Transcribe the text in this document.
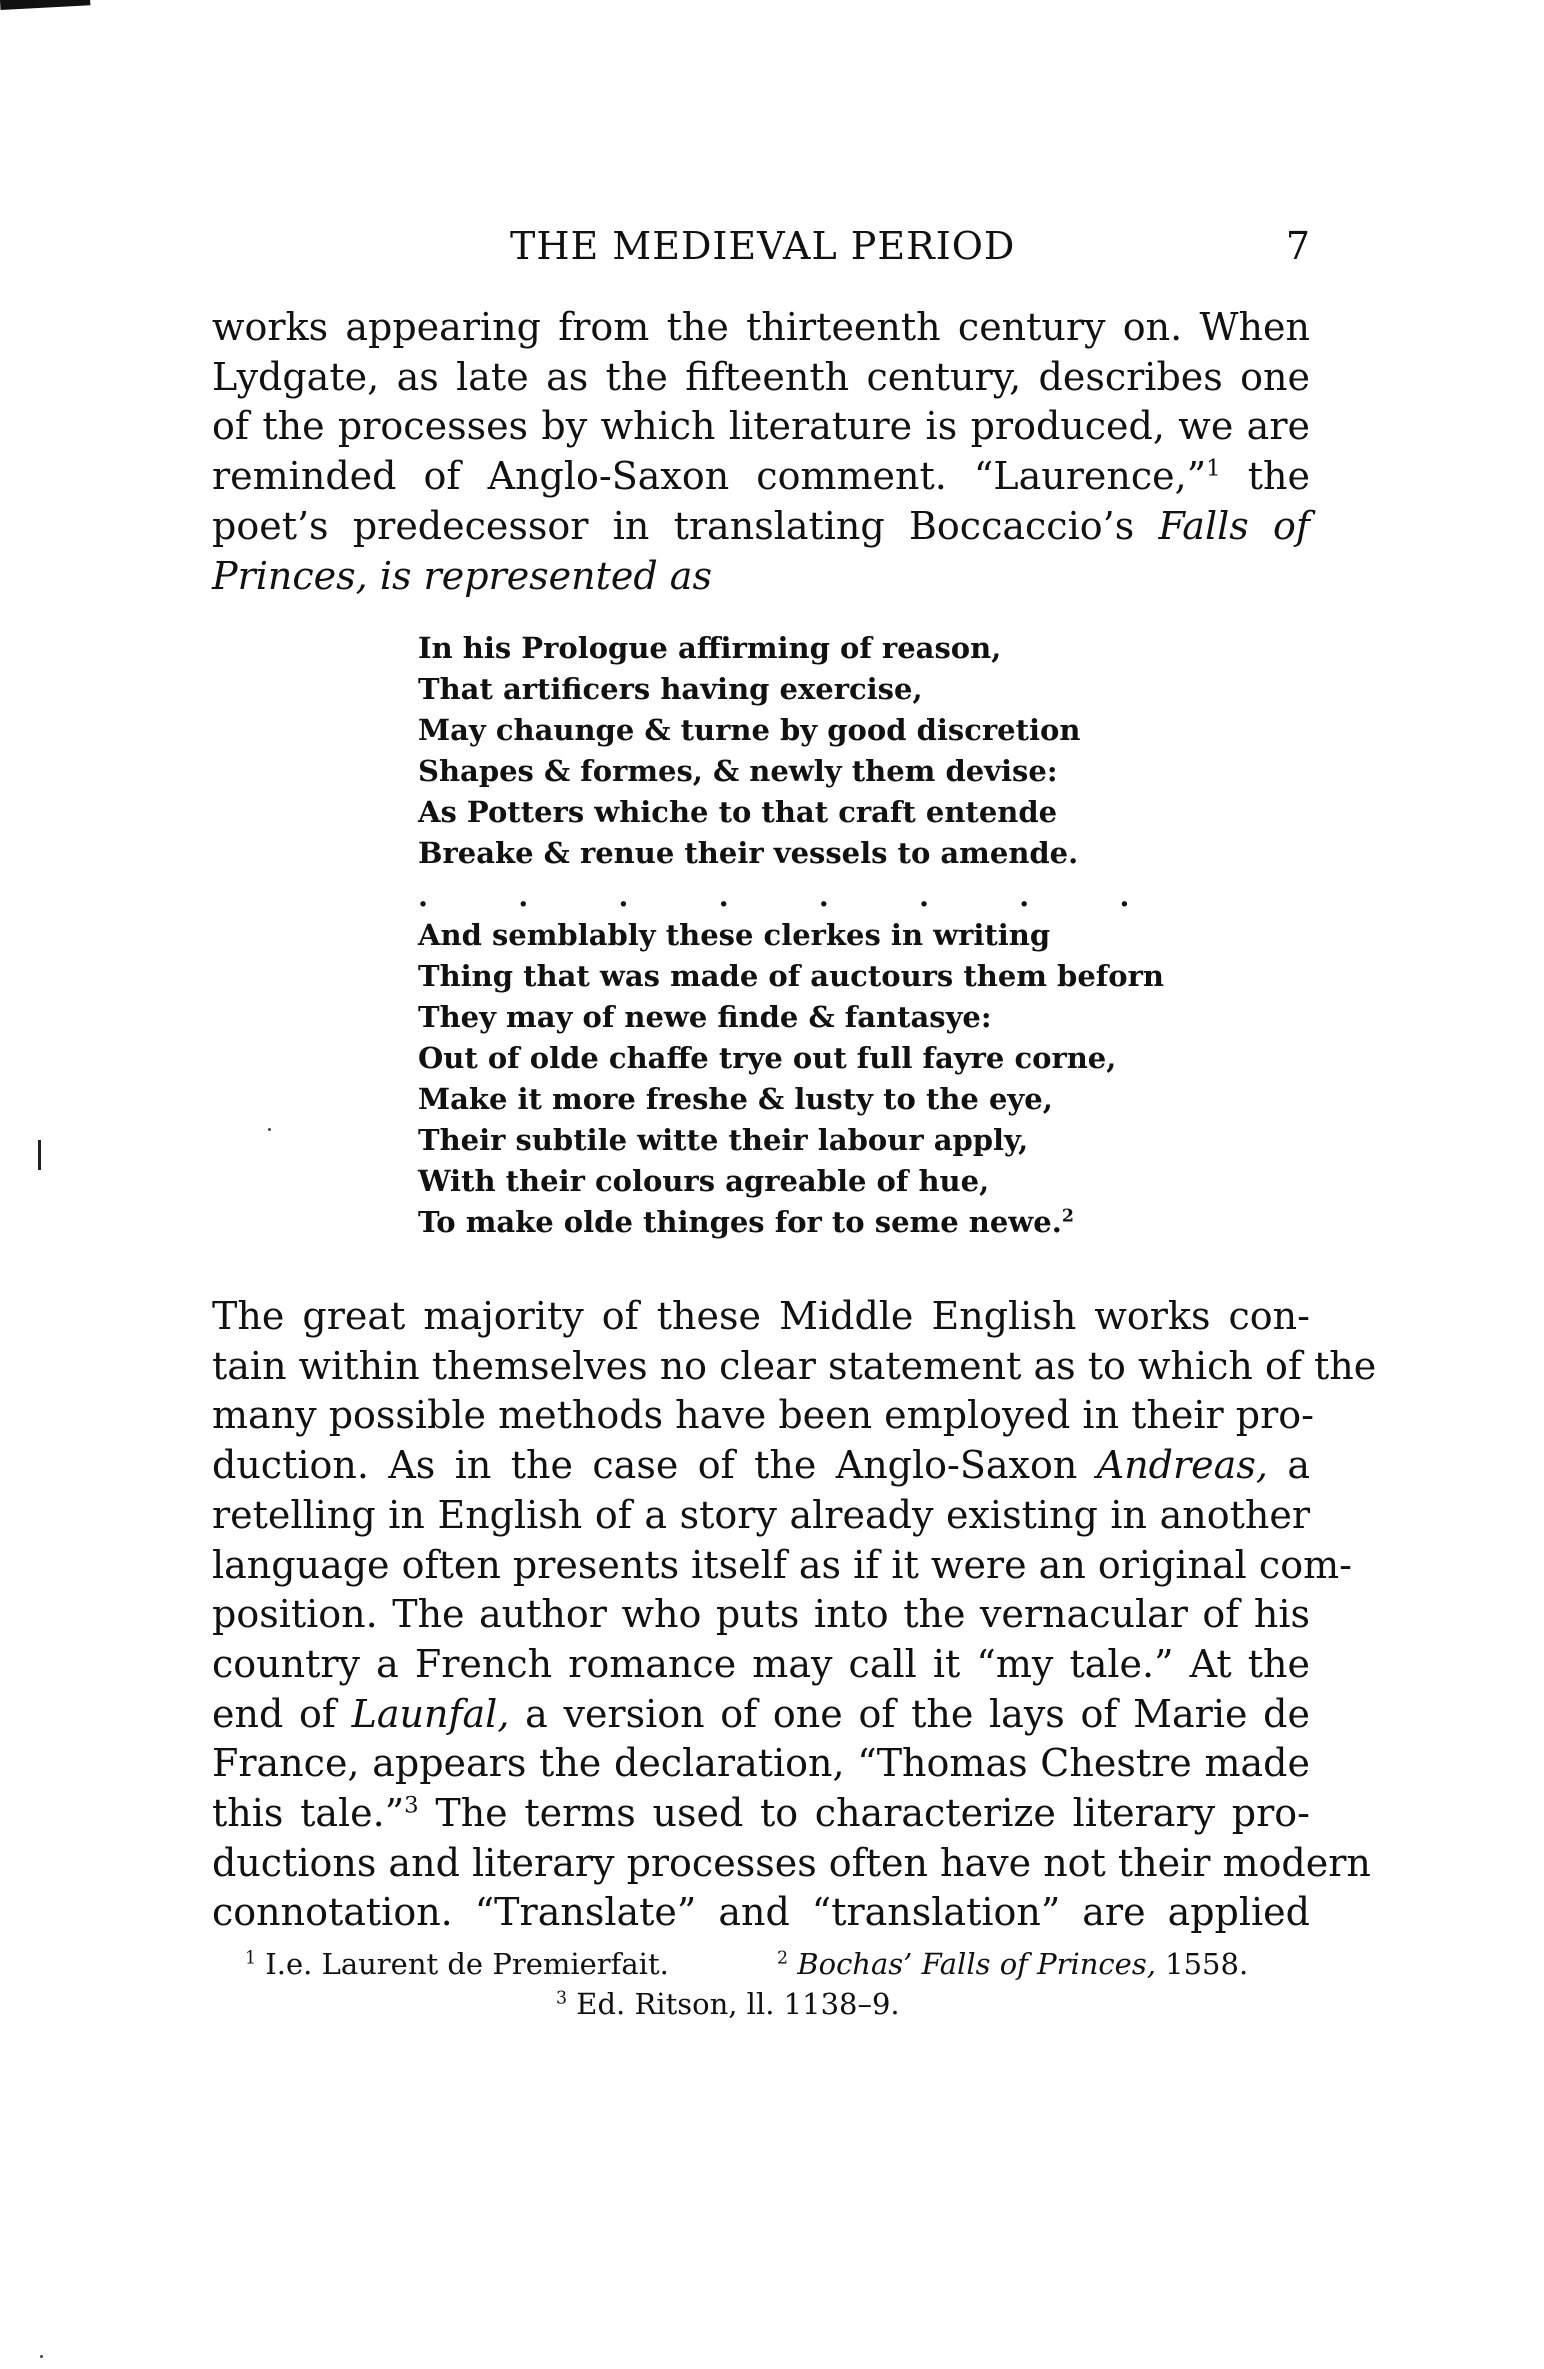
THE MEDIEVAL PERIOD	7
works appearing from the thirteenth century on. When
Lydgate, as late as the fifteenth century, describes one
of the processes by which literature is produced, we are
reminded of Anglo-Saxon comment. “Laurence,”$^1$ the
poet’s predecessor in translating Boccaccio’s Falls of
Princes, is represented as
In his Prologue affirming of reason,
That artificers having exercise,
May chaunge & turne by good discretion
Shapes & formes, & newly them devise:
As Potters whiche to that craft entende
Breake & renue their vessels to amende.
. . . . . . . .
And semblably these clerkes in writing
Thing that was made of auctours them beforn
They may of newe finde & fantasye:
Out of olde chaffe trye out full fayre corne,
Make it more freshe & lusty to the eye,
Their subtile witte their labour apply,
With their colours agreable of hue,
To make olde thinges for to seme newe.$^2$
The great majority of these Middle English works con-
tain within themselves no clear statement as to which of the
many possible methods have been employed in their pro-
duction. As in the case of the Anglo-Saxon Andreas, a
retelling in English of a story already existing in another
language often presents itself as if it were an original com-
position. The author who puts into the vernacular of his
country a French romance may call it “my tale.” At the
end of Launfal, a version of one of the lays of Marie de
France, appears the declaration, “Thomas Chestre made
this tale.”$^3$ The terms used to characterize literary pro-
ductions and literary processes often have not their modern
connotation. “Translate” and “translation” are applied
$^1$ I.e. Laurent de Premierfait.	$^2$ Bochas’ Falls of Princes, 1558.
$^3$ Ed. Ritson, ll. 1138–9.
